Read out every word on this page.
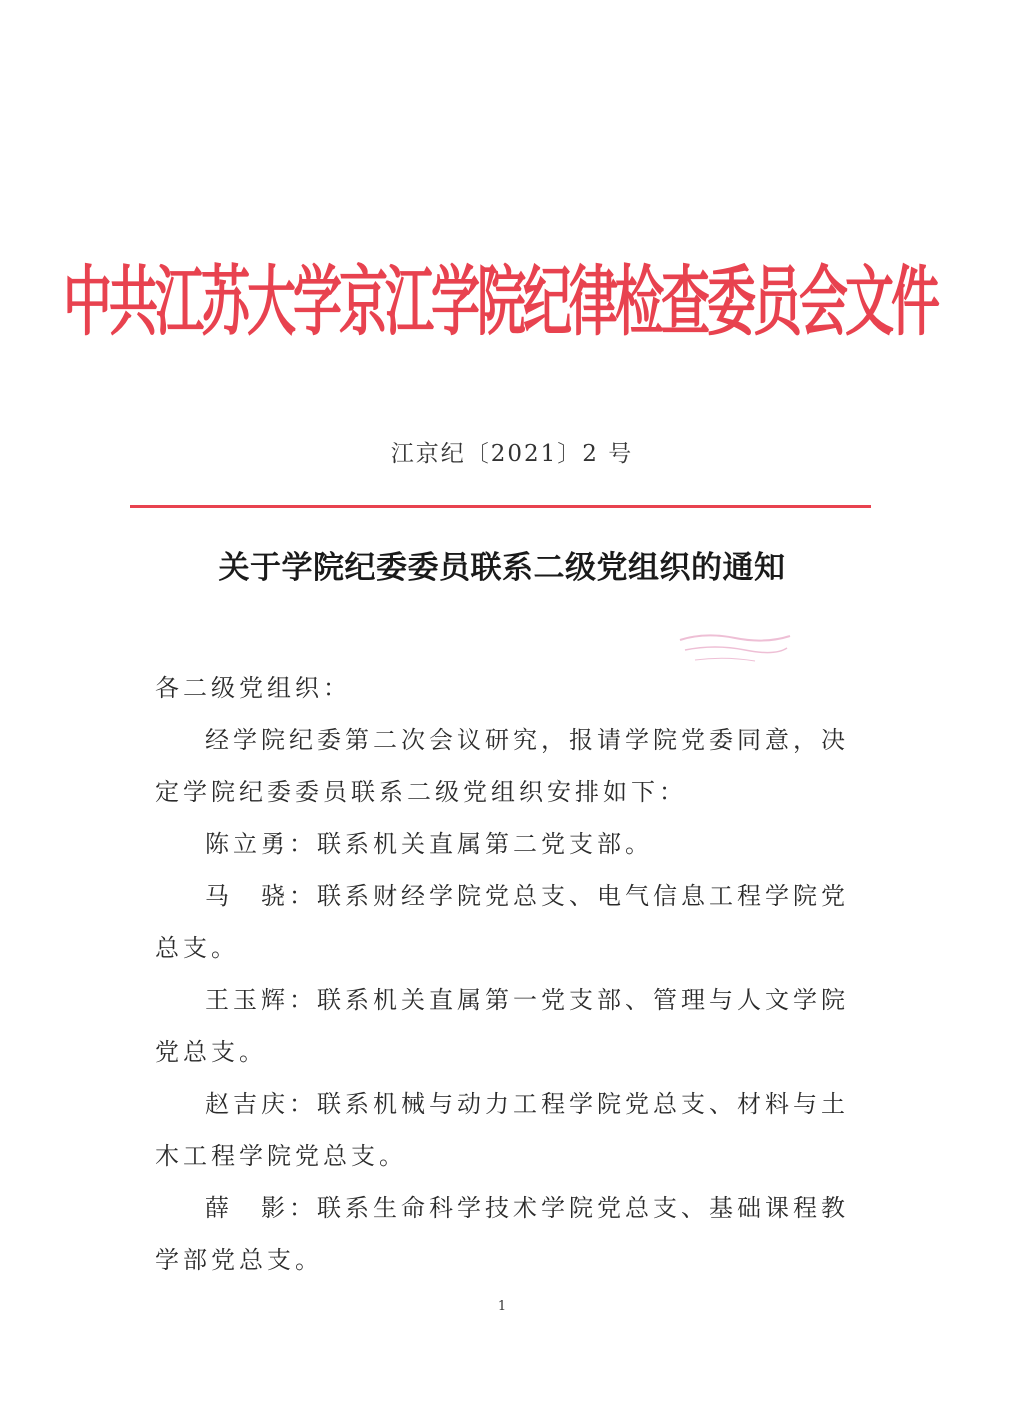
中共江苏大学京江学院纪律检查委员会文件
江京纪〔2021〕2 号
关于学院纪委委员联系二级党组织的通知

各二级党组织：

经学院纪委第二次会议研究，报请学院党委同意，决定学院纪委委员联系二级党组织安排如下：

陈立勇：联系机关直属第二党支部。

马　骁：联系财经学院党总支、电气信息工程学院党总支。

王玉辉：联系机关直属第一党支部、管理与人文学院党总支。

赵吉庆：联系机械与动力工程学院党总支、材料与土木工程学院党总支。

薛　影：联系生命科学技术学院党总支、基础课程教学部党总支。

1
